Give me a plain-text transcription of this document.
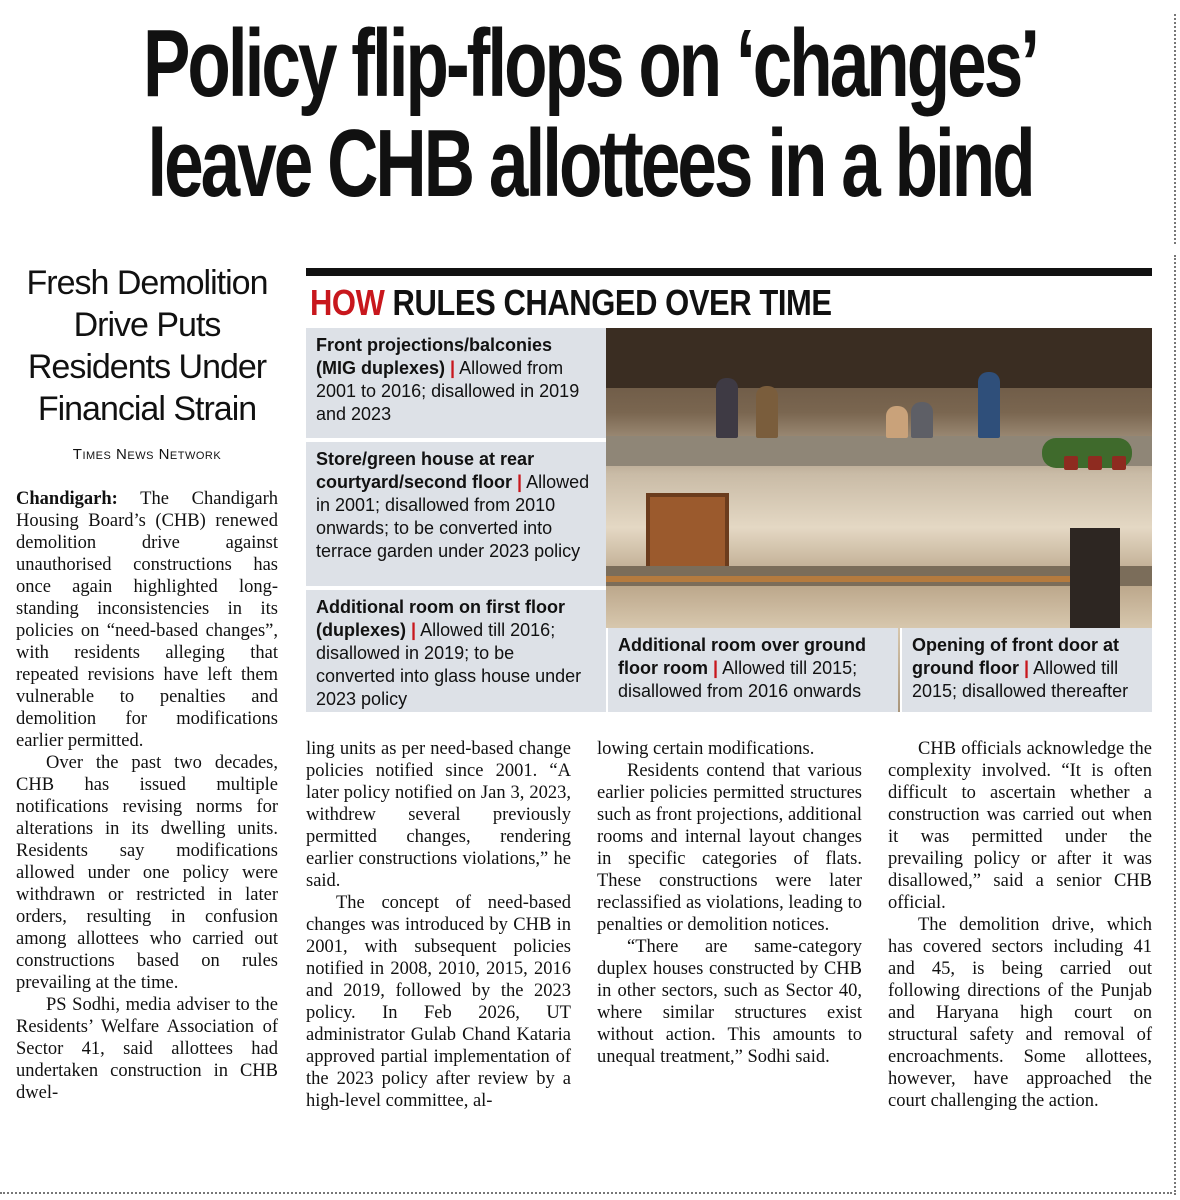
Policy flip-flops on ‘changes’
leave CHB allottees in a bind
Fresh Demolition Drive Puts Residents Under Financial Strain
Times News Network
HOW RULES CHANGED OVER TIME
Front projections/balconies (MIG duplexes) | Allowed from 2001 to 2016; disallowed in 2019 and 2023
Store/green house at rear courtyard/second floor | Allowed in 2001; disallowed from 2010 onwards; to be converted into terrace garden under 2023 policy
Additional room on first floor (duplexes) | Allowed till 2016; disallowed in 2019; to be converted into glass house under 2023 policy
Additional room over ground floor room | Allowed till 2015; disallowed from 2016 onwards
Opening of front door at ground floor | Allowed till 2015; disallowed thereafter

Chandigarh: The Chandigarh Housing Board’s (CHB) renewed demolition drive against unauthorised constructions has once again highlighted long-standing inconsistencies in its policies on “need-based changes”, with residents alleging that repeated revisions have left them vulnerable to penalties and demolition for modifications earlier permitted.

Over the past two decades, CHB has issued multiple notifications revising norms for alterations in its dwelling units. Residents say modifications allowed under one policy were withdrawn or restricted in later orders, resulting in confusion among allottees who carried out constructions based on rules prevailing at the time.

PS Sodhi, media adviser to the Residents’ Welfare Association of Sector 41, said allottees had undertaken construction in CHB dwel-

ling units as per need-based change policies notified since 2001. “A later policy notified on Jan 3, 2023, withdrew several previously permitted changes, rendering earlier constructions violations,” he said.

The concept of need-based changes was introduced by CHB in 2001, with subsequent policies notified in 2008, 2010, 2015, 2016 and 2019, followed by the 2023 policy. In Feb 2026, UT administrator Gulab Chand Kataria approved partial implementation of the 2023 policy after review by a high-level committee, al-

lowing certain modifications.

Residents contend that various earlier policies permitted structures such as front projections, additional rooms and internal layout changes in specific categories of flats. These constructions were later reclassified as violations, leading to penalties or demolition notices.

“There are same-category duplex houses constructed by CHB in other sectors, such as Sector 40, where similar structures exist without action. This amounts to unequal treatment,” Sodhi said.

CHB officials acknowledge the complexity involved. “It is often difficult to ascertain whether a construction was carried out when it was permitted under the prevailing policy or after it was disallowed,” said a senior CHB official.

The demolition drive, which has covered sectors including 41 and 45, is being carried out following directions of the Punjab and Haryana high court on structural safety and removal of encroachments. Some allottees, however, have approached the court challenging the action.
